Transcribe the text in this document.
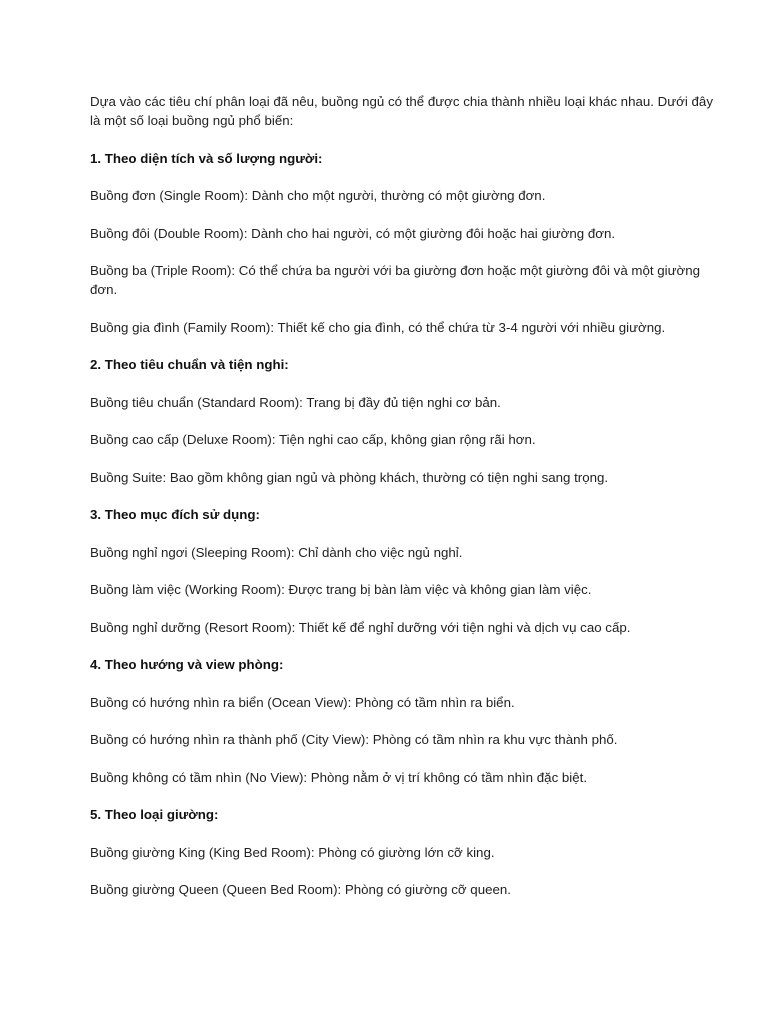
Dựa vào các tiêu chí phân loại đã nêu, buồng ngủ có thể được chia thành nhiều loại khác nhau. Dưới đây là một số loại buồng ngủ phổ biến:

1. Theo diện tích và số lượng người:

Buồng đơn (Single Room): Dành cho một người, thường có một giường đơn.

Buồng đôi (Double Room): Dành cho hai người, có một giường đôi hoặc hai giường đơn.

Buồng ba (Triple Room): Có thể chứa ba người với ba giường đơn hoặc một giường đôi và một giường đơn.

Buồng gia đình (Family Room): Thiết kế cho gia đình, có thể chứa từ 3-4 người với nhiều giường.

2. Theo tiêu chuẩn và tiện nghi:

Buồng tiêu chuẩn (Standard Room): Trang bị đầy đủ tiện nghi cơ bản.

Buồng cao cấp (Deluxe Room): Tiện nghi cao cấp, không gian rộng rãi hơn.

Buồng Suite: Bao gồm không gian ngủ và phòng khách, thường có tiện nghi sang trọng.

3. Theo mục đích sử dụng:

Buồng nghỉ ngơi (Sleeping Room): Chỉ dành cho việc ngủ nghỉ.

Buồng làm việc (Working Room): Được trang bị bàn làm việc và không gian làm việc.

Buồng nghỉ dưỡng (Resort Room): Thiết kế để nghỉ dưỡng với tiện nghi và dịch vụ cao cấp.

4. Theo hướng và view phòng:

Buồng có hướng nhìn ra biển (Ocean View): Phòng có tầm nhìn ra biển.

Buồng có hướng nhìn ra thành phố (City View): Phòng có tầm nhìn ra khu vực thành phố.

Buồng không có tầm nhìn (No View): Phòng nằm ở vị trí không có tầm nhìn đặc biệt.

5. Theo loại giường:

Buồng giường King (King Bed Room): Phòng có giường lớn cỡ king.

Buồng giường Queen (Queen Bed Room): Phòng có giường cỡ queen.
